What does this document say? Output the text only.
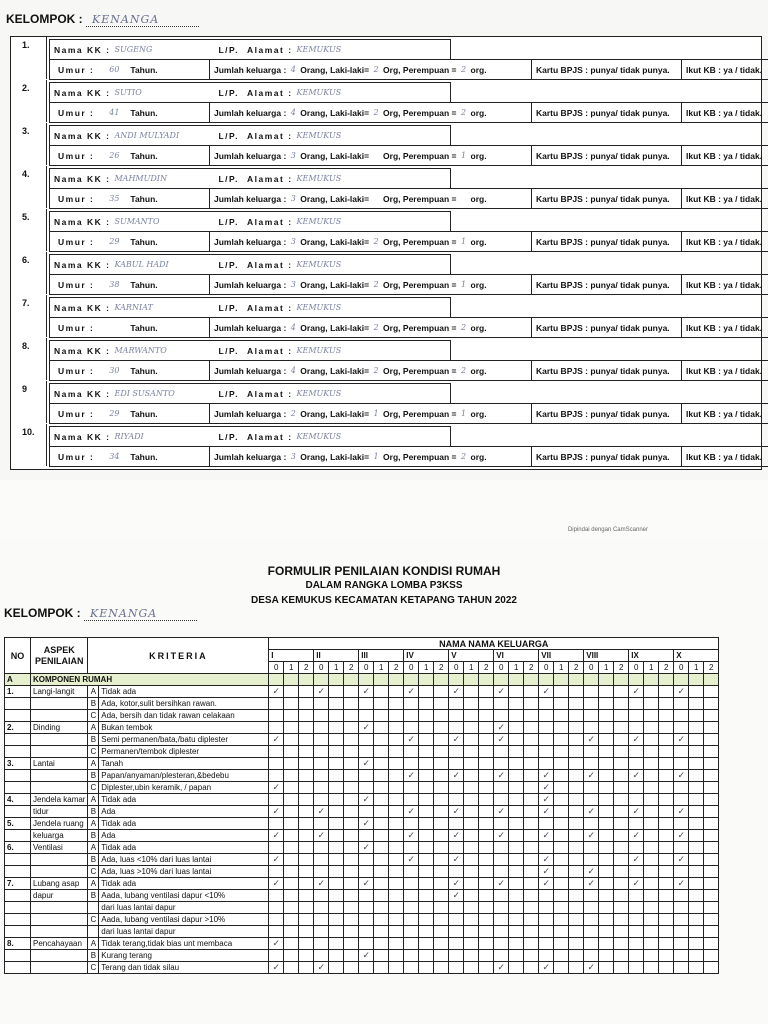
KELOMPOK : KENANGA
1.	Nama KK : SUGENG	L/P. Alamat : KEMUKUS
Umur :	60	Tahun.	Jumlah keluarga : 4 Orang,
Laki-laki= 2 Org,
Perempuan = 2 org.	Kartu BPJS : punya/ tidak punya. Ikut KB : ya / tidak.
2.	Nama KK : SUTIO	L/P. Alamat : KEMUKUS
Umur :	41	Tahun.	Jumlah keluarga : 4 Orang,
Laki-laki= 2 Org,
Perempuan = 2 org.	Kartu BPJS : punya/ tidak punya. Ikut KB : ya / tidak.
3.	Nama KK : ANDI MULYADI	L/P. Alamat : KEMUKUS
Umur :	26	Tahun.	Jumlah keluarga : 3 Orang,
Laki-laki= Org,
Perempuan = 1 org.	Kartu BPJS : punya/ tidak punya. Ikut KB : ya / tidak.
4.	Nama KK : MAHMUDIN	L/P. Alamat : KEMUKUS
Umur :	35	Tahun.	Jumlah keluarga : 3 Orang,
Laki-laki= Org,
Perempuan = org.	Kartu BPJS : punya/ tidak punya. Ikut KB : ya / tidak.
5.	Nama KK : SUMANTO	L/P. Alamat : KEMUKUS
Umur :	29	Tahun.	Jumlah keluarga : 3 Orang,
Laki-laki= 2 Org,
Perempuan = 1 org.	Kartu BPJS : punya/ tidak punya. Ikut KB : ya / tidak.
6.	Nama KK : KABUL HADI	L/P. Alamat : KEMUKUS
Umur :	38	Tahun.	Jumlah keluarga : 3 Orang,
Laki-laki= 2 Org,
Perempuan = 1 org.	Kartu BPJS : punya/ tidak punya. Ikut KB : ya / tidak.
7.	Nama KK : KARNIAT	L/P. Alamat : KEMUKUS
Umur :	Tahun.	Jumlah keluarga : 4 Orang,
Laki-laki= 2 Org,
Perempuan = 2 org.	Kartu BPJS : punya/ tidak punya. Ikut KB : ya / tidak.
8.	Nama KK : MARWANTO	L/P. Alamat : KEMUKUS
Umur :	30	Tahun.	Jumlah keluarga : 4 Orang,
Laki-laki= 2 Org,
Perempuan = 2 org.	Kartu BPJS : punya/ tidak punya. Ikut KB : ya / tidak.
9	Nama KK : EDI SUSANTO	L/P. Alamat : KEMUKUS
Umur :	29	Tahun.	Jumlah keluarga : 2 Orang,
Laki-laki= 1 Org,
Perempuan = 1 org.	Kartu BPJS : punya/ tidak punya. Ikut KB : ya / tidak.
10.	Nama KK : RIYADI	L/P. Alamat : KEMUKUS
Umur :	34	Tahun.	Jumlah keluarga : 3 Orang,
Laki-laki= 1 Org,
Perempuan = 2 org.	Kartu BPJS : punya/ tidak punya. Ikut KB : ya / tidak.
Dipindai dengan CamScanner
FORMULIR PENILAIAN KONDISI RUMAH
DALAM RANGKA LOMBA P3KSS
DESA KEMUKUS KECAMATAN KETAPANG TAHUN 2022
KELOMPOK : KENANGA
NO	ASPEK PENILAIAN	KRITERIA		NAMA NAMA KELUARGA																													
				I			II			III			IV			V			VI			VII			VIII			IX			X		
				0	1	2	0	1	2	0	1	2	0	1	2	0	1	2	0	1	2	0	1	2	0	1	2	0	1	2	0	1	2
A	KOMPONEN RUMAH																																
1.	Langi-langit	A	Tidak ada	✓			✓			✓			✓			✓			✓			✓						✓			✓		
		B	Ada, kotor,sulit bersihkan rawan.																														
		C	Ada, bersih dan tidak rawan celakaan																														
2.	Dinding	A	Bukan tembok							✓									✓														
		B	Semi permanen/bata,/batu diplester	✓									✓			✓			✓						✓			✓			✓		
		C	Permanen/tembok diplester																														
3.	Lantai	A	Tanah							✓																							
		B	Papan/anyaman/plesteran,&bedebu										✓			✓			✓			✓			✓			✓			✓		
		C	Diplester,ubin keramik, / papan	✓																		✓											
4.	Jendela kamar	A	Tidak ada							✓												✓											
	tidur	B	Ada	✓			✓						✓			✓			✓			✓			✓			✓			✓		
5.	Jendela ruang	A	Tidak ada							✓																							
	keluarga	B	Ada	✓			✓						✓			✓			✓			✓			✓			✓			✓		
6.	Ventilasi	A	Tidak ada							✓																							
		B	Ada, luas <10% dari luas lantai	✓									✓			✓						✓						✓			✓		
		C	Ada, luas >10% dari luas lantai																			✓			✓								
7.	Lubang asap	A	Tidak ada	✓			✓			✓						✓			✓			✓			✓			✓			✓		
	dapur	B	Aada, lubang ventilasi dapur <10%													✓																	
			dari luas lantai dapur																														
		C	Aada, lubang ventilasi dapur >10%																														
			dari luas lantai dapur																														
8.	Pencahayaan	A	Tidak terang,tidak bias unt membaca	✓																													
		B	Kurang terang							✓																							
		C	Terang dan tidak silau	✓			✓												✓			✓			✓								
